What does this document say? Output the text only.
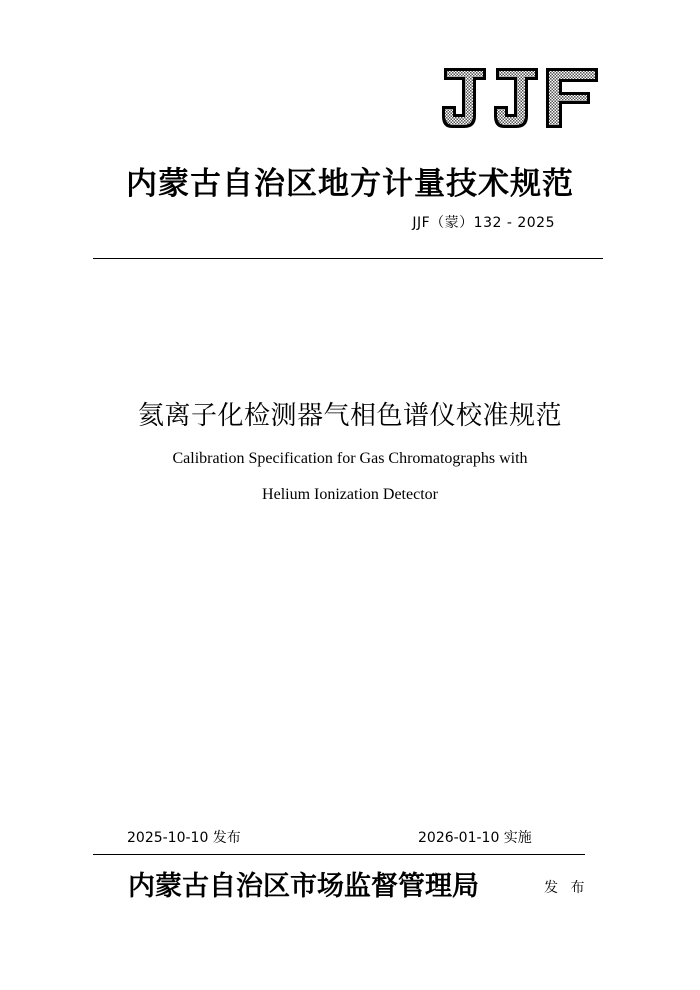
内蒙古自治区地方计量技术规范
JJF（蒙）132 - 2025
氦离子化检测器气相色谱仪校准规范
Calibration Specification for Gas Chromatographs with
Helium Ionization Detector
2025-10-10 发布	2026-01-10 实施
内蒙古自治区市场监督管理局	发 布
